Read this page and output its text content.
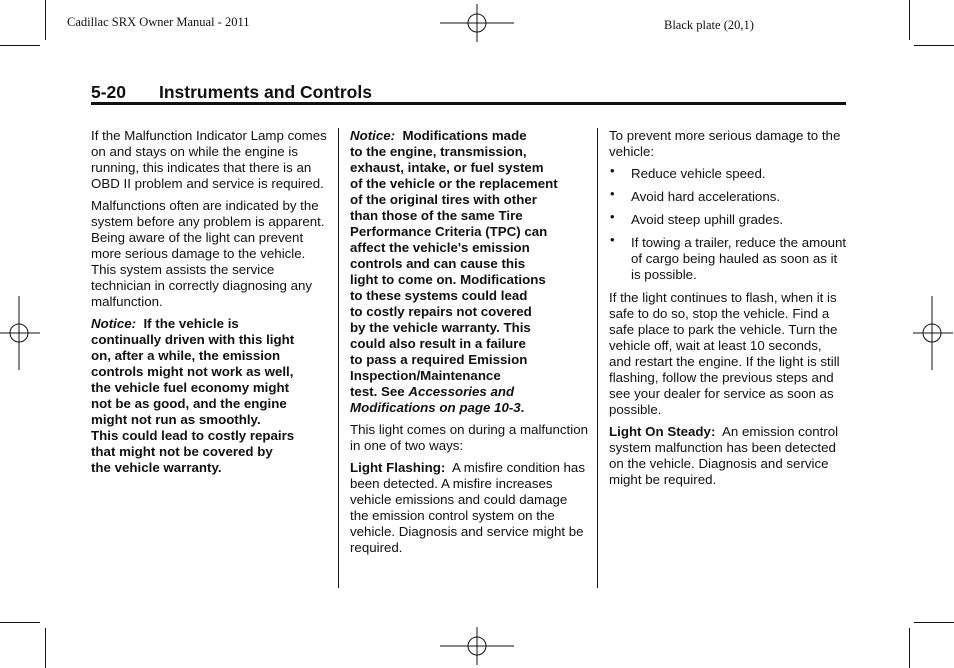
Cadillac SRX Owner Manual - 2011	Black plate (20,1)
5-20 Instruments and Controls

If the Malfunction Indicator Lamp comes on and stays on while the engine is running, this indicates that there is an OBD II problem and service is required.

Malfunctions often are indicated by the system before any problem is apparent. Being aware of the light can prevent more serious damage to the vehicle. This system assists the service technician in correctly diagnosing any malfunction.

Notice: If the vehicle is
continually driven with this light
on, after a while, the emission
controls might not work as well,
the vehicle fuel economy might
not be as good, and the engine
might not run as smoothly.
This could lead to costly repairs
that might not be covered by
the vehicle warranty.
Notice: Modifications made
to the engine, transmission,
exhaust, intake, or fuel system
of the vehicle or the replacement
of the original tires with other
than those of the same Tire
Performance Criteria (TPC) can
affect the vehicle's emission
controls and can cause this
light to come on. Modifications
to these systems could lead
to costly repairs not covered
by the vehicle warranty. This
could also result in a failure
to pass a required Emission
Inspection/Maintenance
test. See Accessories and Modifications on page 10-3.

This light comes on during a malfunction in one of two ways:

Light Flashing: A misfire condition has been detected. A misfire increases vehicle emissions and could damage the emission control system on the vehicle. Diagnosis and service might be required.

To prevent more serious damage to the vehicle:

• Reduce vehicle speed.
• Avoid hard accelerations.
• Avoid steep uphill grades.
• If towing a trailer, reduce the amount of cargo being hauled as soon as it is possible.

If the light continues to flash, when it is safe to do so, stop the vehicle. Find a safe place to park the vehicle. Turn the vehicle off, wait at least 10 seconds, and restart the engine. If the light is still flashing, follow the previous steps and see your dealer for service as soon as possible.

Light On Steady: An emission control system malfunction has been detected on the vehicle. Diagnosis and service might be required.
